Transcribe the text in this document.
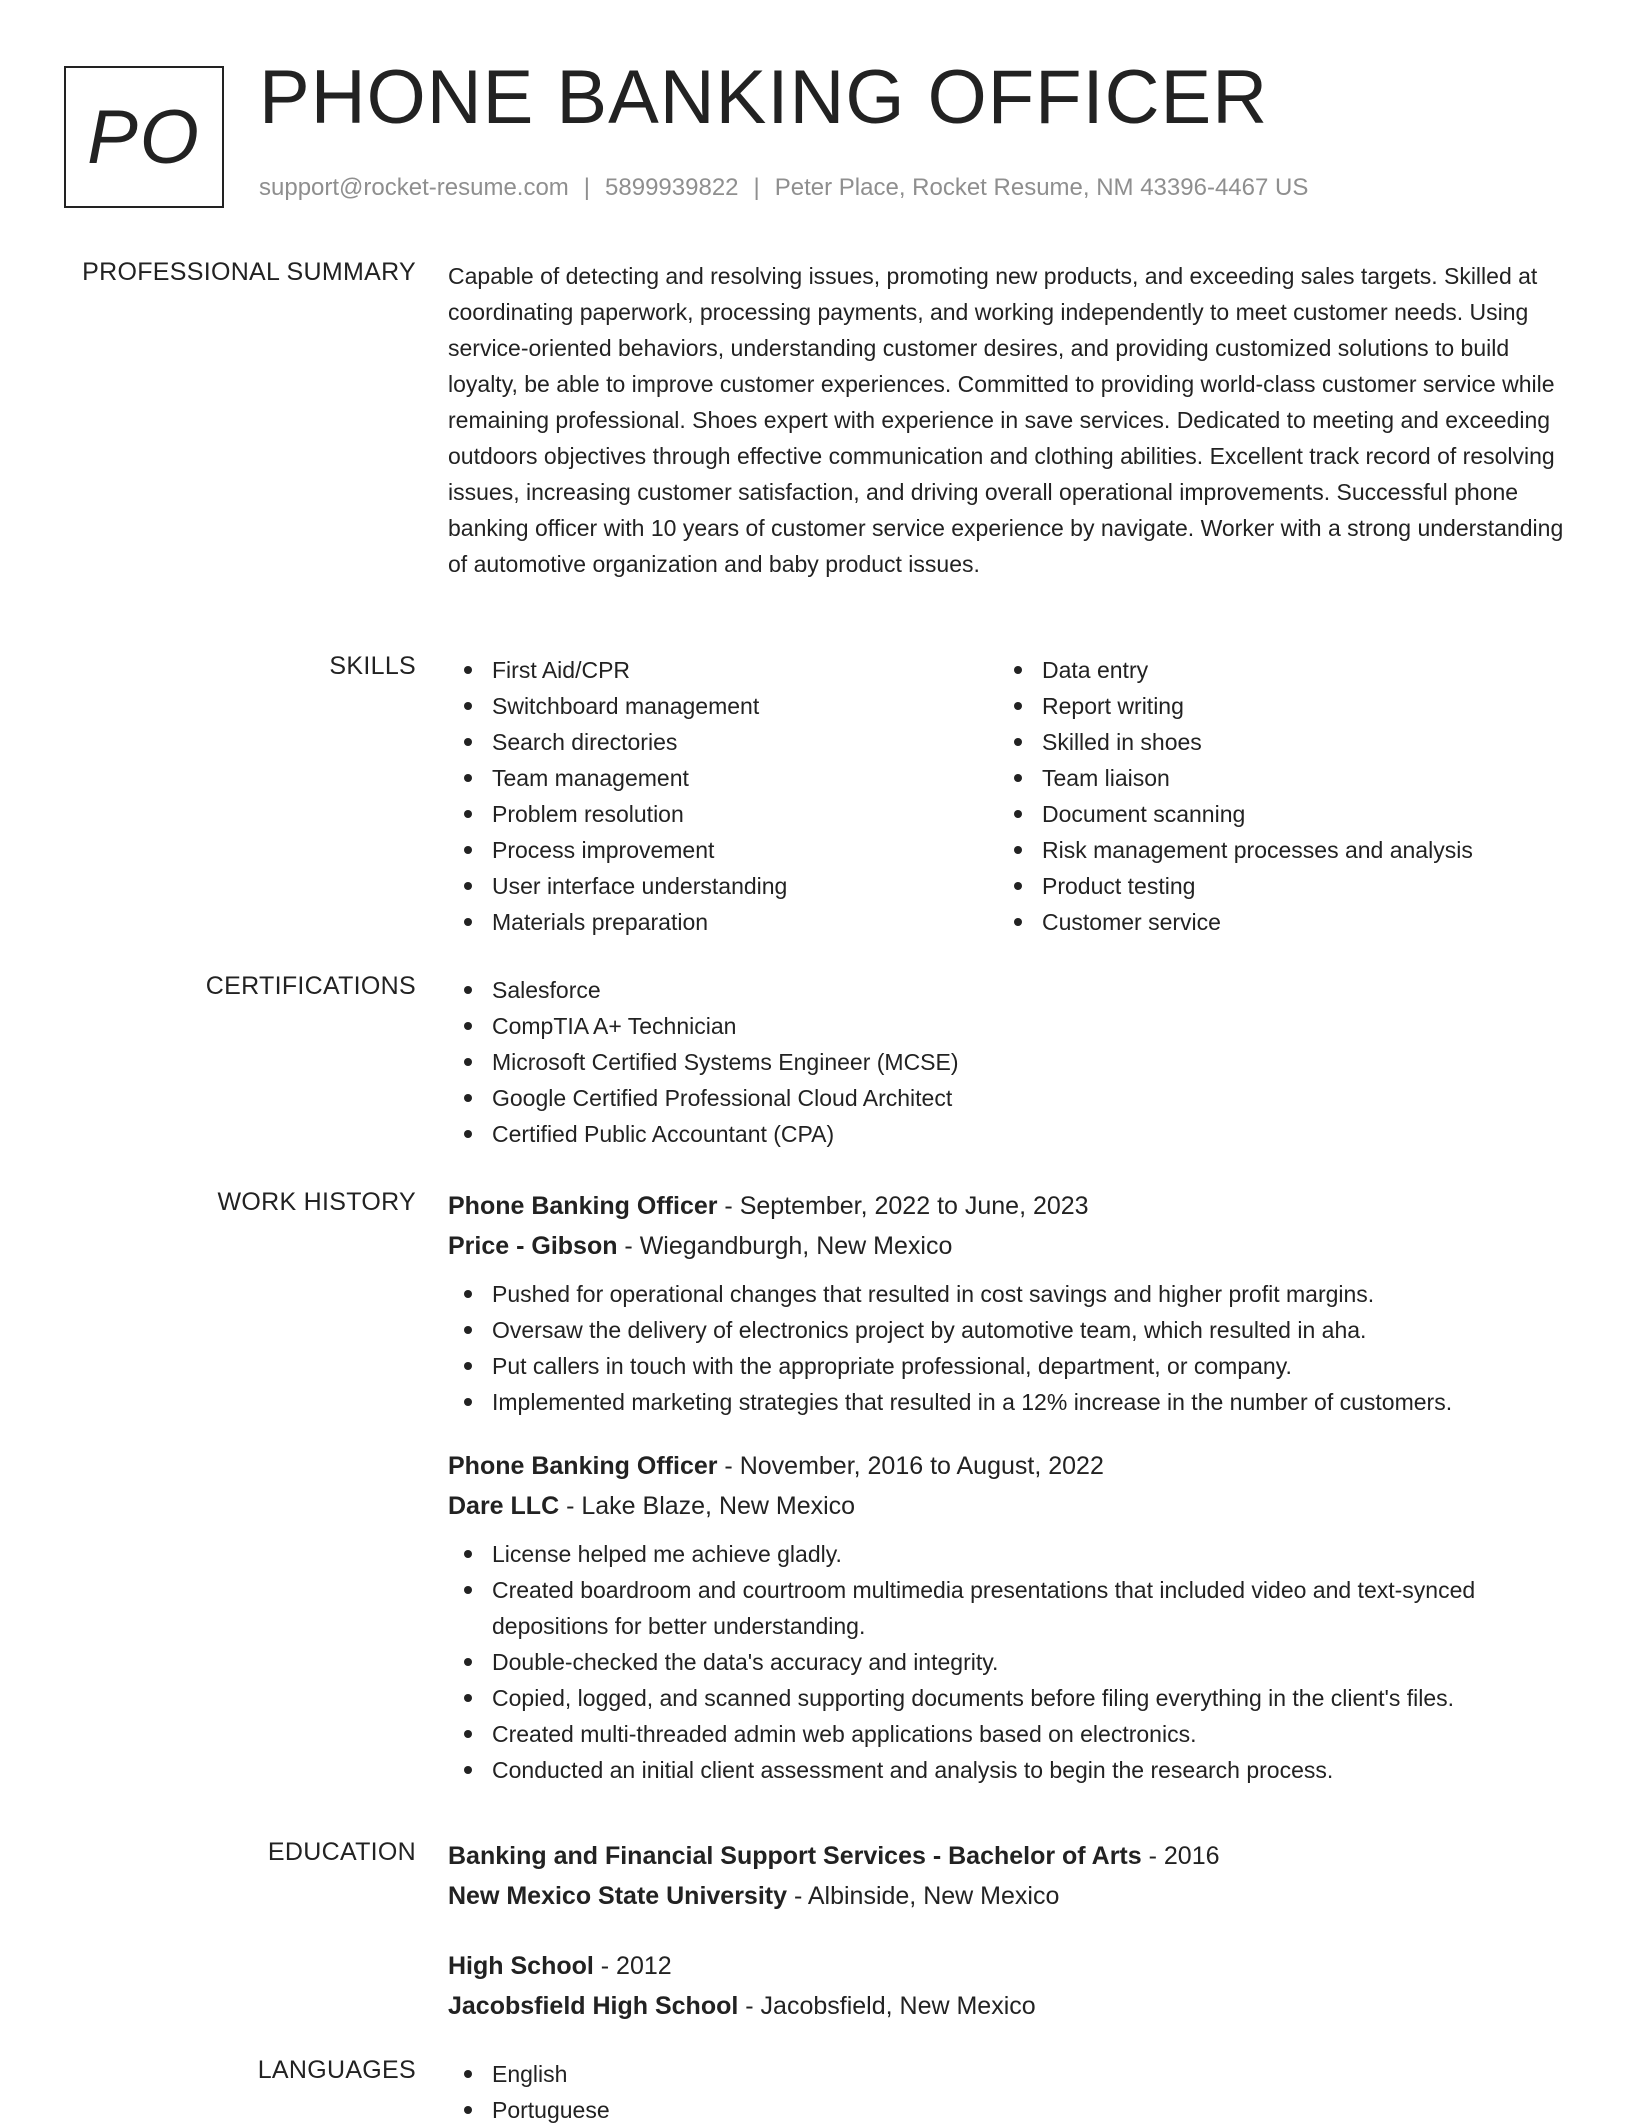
PO PHONE BANKING OFFICER
support@rocket-resume.com | 5899939822 | Peter Place, Rocket Resume, NM 43396-4467 US
PROFESSIONAL SUMMARY Capable of detecting and resolving issues, promoting new products, and exceeding sales targets. Skilled at coordinating paperwork, processing payments, and working independently to meet customer needs. Using service-oriented behaviors, understanding customer desires, and providing customized solutions to build loyalty, be able to improve customer experiences. Committed to providing world-class customer service while remaining professional. Shoes expert with experience in save services. Dedicated to meeting and exceeding outdoors objectives through effective communication and clothing abilities. Excellent track record of resolving issues, increasing customer satisfaction, and driving overall operational improvements. Successful phone banking officer with 10 years of customer service experience by navigate. Worker with a strong understanding of automotive organization and baby product issues.

SKILLS	First Aid/CPR
Switchboard management
Search directories
Team management
Problem resolution
Process improvement
User interface understanding
Materials preparation
Data entry
Report writing
Skilled in shoes
Team liaison
Document scanning
Risk management processes and analysis
Product testing
Customer service
CERTIFICATIONS	Salesforce
CompTIA A+ Technician
Microsoft Certified Systems Engineer (MCSE)
Google Certified Professional Cloud Architect
Certified Public Accountant (CPA)
WORK HISTORY Phone Banking Officer - September, 2022 to June, 2023
Price - Gibson - Wiegandburgh, New Mexico
Pushed for operational changes that resulted in cost savings and higher profit margins.
Oversaw the delivery of electronics project by automotive team, which resulted in aha.
Put callers in touch with the appropriate professional, department, or company.
Implemented marketing strategies that resulted in a 12% increase in the number of customers.
Phone Banking Officer - November, 2016 to August, 2022
Dare LLC - Lake Blaze, New Mexico
License helped me achieve gladly.
Created boardroom and courtroom multimedia presentations that included video and text-synced depositions for better understanding.
Double-checked the data's accuracy and integrity.
Copied, logged, and scanned supporting documents before filing everything in the client's files.
Created multi-threaded admin web applications based on electronics.
Conducted an initial client assessment and analysis to begin the research process.
EDUCATION Banking and Financial Support Services - Bachelor of Arts - 2016
New Mexico State University - Albinside, New Mexico
High School - 2012
Jacobsfield High School - Jacobsfield, New Mexico
LANGUAGES	English
Portuguese
